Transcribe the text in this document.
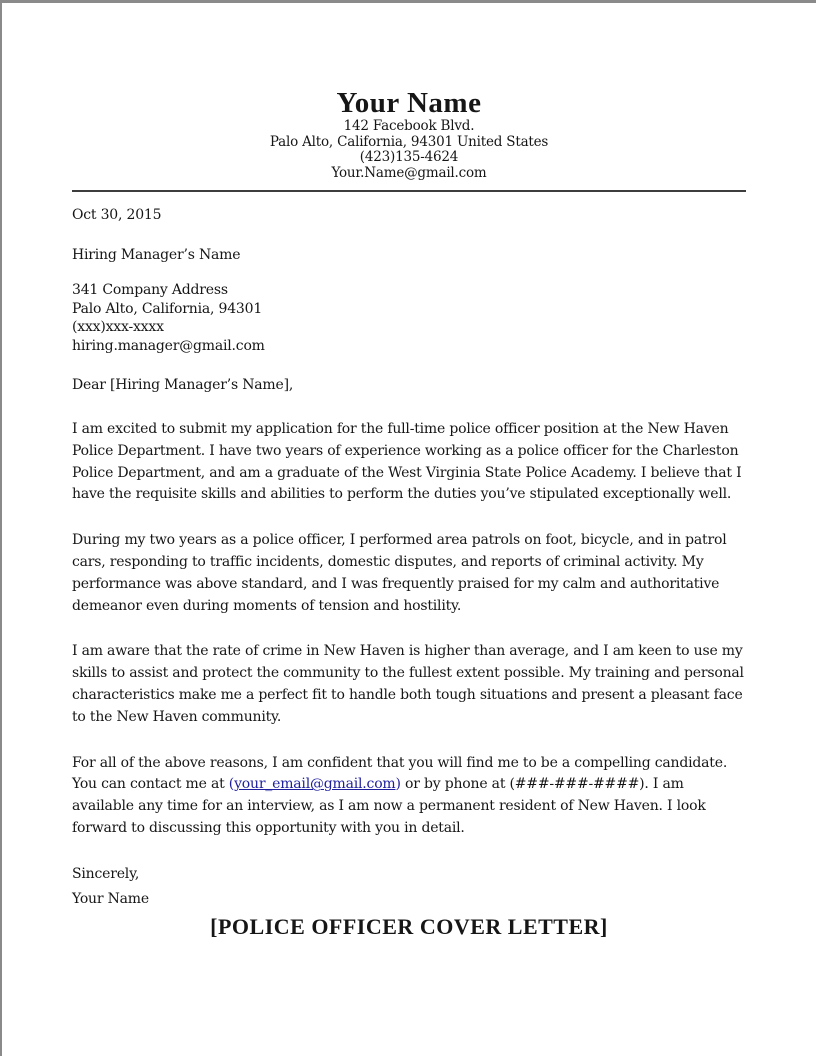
Your Name
142 Facebook Blvd.
Palo Alto, California, 94301 United States
(423)135-4624
Your.Name@gmail.com
Oct 30, 2015
Hiring Manager’s Name
341 Company Address
Palo Alto, California, 94301
(xxx)xxx-xxxx
hiring.manager@gmail.com
Dear [Hiring Manager’s Name],

I am excited to submit my application for the full-time police officer position at the New Haven Police Department. I have two years of experience working as a police officer for the Charleston Police Department, and am a graduate of the West Virginia State Police Academy. I believe that I have the requisite skills and abilities to perform the duties you’ve stipulated exceptionally well.

During my two years as a police officer, I performed area patrols on foot, bicycle, and in patrol cars, responding to traffic incidents, domestic disputes, and reports of criminal activity. My performance was above standard, and I was frequently praised for my calm and authoritative demeanor even during moments of tension and hostility.

I am aware that the rate of crime in New Haven is higher than average, and I am keen to use my skills to assist and protect the community to the fullest extent possible. My training and personal characteristics make me a perfect fit to handle both tough situations and present a pleasant face to the New Haven community.

For all of the above reasons, I am confident that you will find me to be a compelling candidate. You can contact me at (your_email@gmail.com) or by phone at (###-###-####). I am available any time for an interview, as I am now a permanent resident of New Haven. I look forward to discussing this opportunity with you in detail.

Sincerely,
Your Name
[POLICE OFFICER COVER LETTER]
